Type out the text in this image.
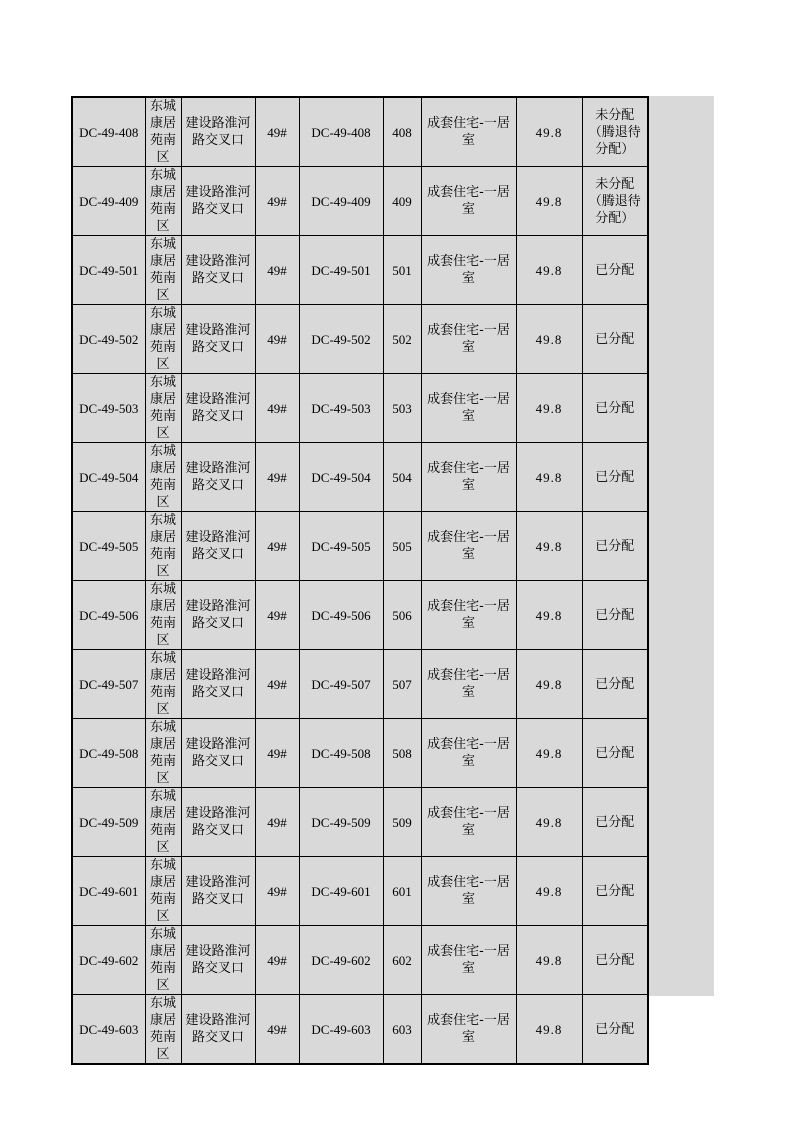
DC-49-408	东城康居苑南区	建设路淮河路交叉口	49#	DC-49-408	408	成套住宅-一居室	49.8	未分配（腾退待分配）
DC-49-409	东城康居苑南区	建设路淮河路交叉口	49#	DC-49-409	409	成套住宅-一居室	49.8	未分配（腾退待分配）
DC-49-501	东城康居苑南区	建设路淮河路交叉口	49#	DC-49-501	501	成套住宅-一居室	49.8	已分配
DC-49-502	东城康居苑南区	建设路淮河路交叉口	49#	DC-49-502	502	成套住宅-一居室	49.8	已分配
DC-49-503	东城康居苑南区	建设路淮河路交叉口	49#	DC-49-503	503	成套住宅-一居室	49.8	已分配
DC-49-504	东城康居苑南区	建设路淮河路交叉口	49#	DC-49-504	504	成套住宅-一居室	49.8	已分配
DC-49-505	东城康居苑南区	建设路淮河路交叉口	49#	DC-49-505	505	成套住宅-一居室	49.8	已分配
DC-49-506	东城康居苑南区	建设路淮河路交叉口	49#	DC-49-506	506	成套住宅-一居室	49.8	已分配
DC-49-507	东城康居苑南区	建设路淮河路交叉口	49#	DC-49-507	507	成套住宅-一居室	49.8	已分配
DC-49-508	东城康居苑南区	建设路淮河路交叉口	49#	DC-49-508	508	成套住宅-一居室	49.8	已分配
DC-49-509	东城康居苑南区	建设路淮河路交叉口	49#	DC-49-509	509	成套住宅-一居室	49.8	已分配
DC-49-601	东城康居苑南区	建设路淮河路交叉口	49#	DC-49-601	601	成套住宅-一居室	49.8	已分配
DC-49-602	东城康居苑南区	建设路淮河路交叉口	49#	DC-49-602	602	成套住宅-一居室	49.8	已分配
DC-49-603	东城康居苑南区	建设路淮河路交叉口	49#	DC-49-603	603	成套住宅-一居室	49.8	已分配
